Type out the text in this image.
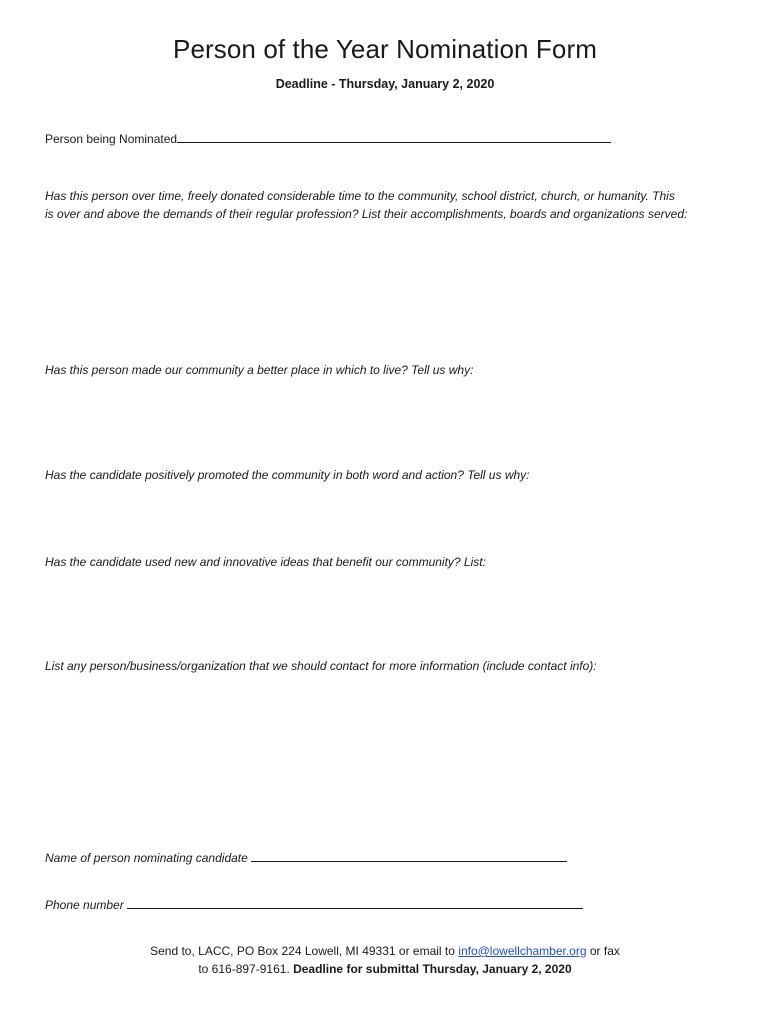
Person of the Year Nomination Form
Deadline - Thursday, January 2, 2020
Person being Nominated
Has this person over time, freely donated considerable time to the community, school district, church, or humanity. This
is over and above the demands of their regular profession? List their accomplishments, boards and organizations served:
Has this person made our community a better place in which to live? Tell us why:
Has the candidate positively promoted the community in both word and action? Tell us why:
Has the candidate used new and innovative ideas that benefit our community? List:
List any person/business/organization that we should contact for more information (include contact info):
Name of person nominating candidate
Phone number
Send to, LACC, PO Box 224 Lowell, MI 49331 or email to info@lowellchamber.org or fax
to 616-897-9161. Deadline for submittal Thursday, January 2, 2020
